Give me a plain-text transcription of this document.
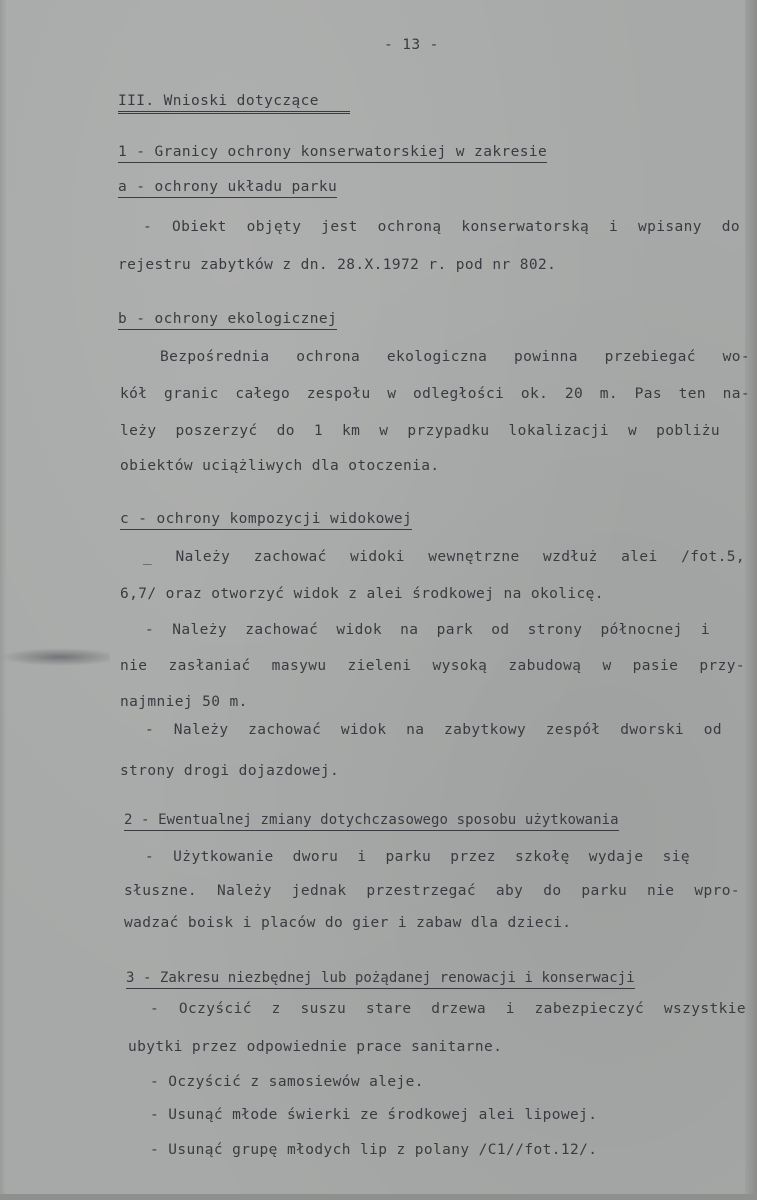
- 13 -
III. Wnioski dotyczące
1 - Granicy ochrony konserwatorskiej w zakresie
a - ochrony układu parku
- Obiekt objęty jest ochroną konserwatorską i wpisany do
rejestru zabytków z dn. 28.X.1972 r. pod nr 802.
b - ochrony ekologicznej
Bezpośrednia ochrona ekologiczna powinna przebiegać wo-
kół granic całego zespołu w odległości ok. 20 m. Pas ten na-
leży poszerzyć do 1 km w przypadku lokalizacji w pobliżu
obiektów uciążliwych dla otoczenia.
c - ochrony kompozycji widokowej
_ Należy zachować widoki wewnętrzne wzdłuż alei /fot.5,
6,7/ oraz otworzyć widok z alei środkowej na okolicę.
- Należy zachować widok na park od strony północnej i
nie zasłaniać masywu zieleni wysoką zabudową w pasie przy-
najmniej 50 m.
- Należy zachować widok na zabytkowy zespół dworski od
strony drogi dojazdowej.
2 - Ewentualnej zmiany dotychczasowego sposobu użytkowania
- Użytkowanie dworu i parku przez szkołę wydaje się
słuszne. Należy jednak przestrzegać aby do parku nie wpro-
wadzać boisk i placów do gier i zabaw dla dzieci.
3 - Zakresu niezbędnej lub pożądanej renowacji i konserwacji
- Oczyścić z suszu stare drzewa i zabezpieczyć wszystkie
ubytki przez odpowiednie prace sanitarne.
- Oczyścić z samosiewów aleje.
- Usunąć młode świerki ze środkowej alei lipowej.
- Usunąć grupę młodych lip z polany /C1//fot.12/.
